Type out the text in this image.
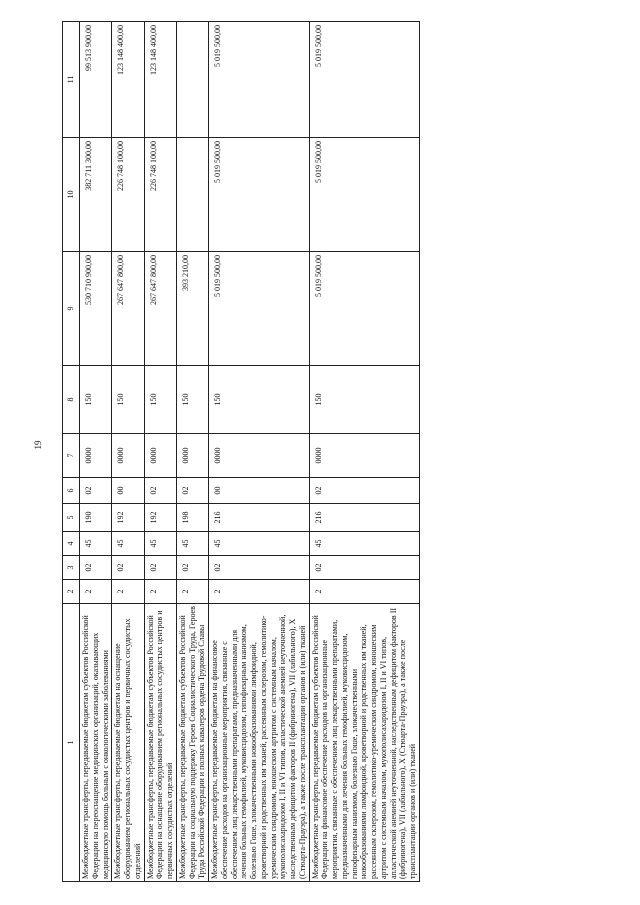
19
1	2	3	4	5	6	7	8	9	10	11
Межбюджетные трансферты, передаваемые бюджетам субъектов Российской Федерации на переоснащение медицинских организаций, оказывающих медицинскую помощь больным с онкологическими заболеваниями	2	02	45	190	02	0000	150	530 710 900,00	382 711 300,00	99 513 900,00
Межбюджетные трансферты, передаваемые бюджетам на оснащение оборудованием региональных сосудистых центров и первичных сосудистых отделений	2	02	45	192	00	0000	150	267 647 800,00	226 748 100,00	123 148 400,00
Межбюджетные трансферты, передаваемые бюджетам субъектов Российской Федерации на оснащение оборудованием региональных сосудистых центров и первичных сосудистых отделений	2	02	45	192	02	0000	150	267 647 800,00	226 748 100,00	123 148 400,00
Межбюджетные трансферты, передаваемые бюджетам субъектов Российской Федерации на социальную поддержку Героев Социалистического Труда, Героев Труда Российской Федерации и полных кавалеров ордена Трудовой Славы	2	02	45	198	02	0000	150	393 210,00		
Межбюджетные трансферты, передаваемые бюджетам на финансовое обеспечение расходов на организационные мероприятия, связанные с обеспечением лиц лекарственными препаратами, предназначенными для лечения больных гемофилией, муковисцидозом, гипофизарным нанизмом, болезнью Гоше, злокачественными новообразованиями лимфоидной, кроветворной и родственных им тканей, рассеянным склерозом, гемолитико-уремическим синдромом, юношеским артритом с системным началом, мукополисахаридозом I, II и VI типов, апластической анемией неуточненной, наследственным дефицитом факторов II (фибриногена), VII (лабильного), X (Стюарта-Прауэра), а также после трансплантации органов и (или) тканей	2	02	45	216	00	0000	150	5 019 500,00	5 019 500,00	5 019 500,00
Межбюджетные трансферты, передаваемые бюджетам субъектов Российской Федерации на финансовое обеспечение расходов на организационные мероприятия, связанные с обеспечением лиц лекарственными препаратами, предназначенными для лечения больных гемофилией, муковисцидозом, гипофизарным нанизмом, болезнью Гоше, злокачественными новообразованиями лимфоидной, кроветворной и родственных им тканей, рассеянным склерозом, гемолитико-уремическим синдромом, юношеским артритом с системным началом, мукополисахаридозом I, II и VI типов, апластической анемией неуточненной, наследственным дефицитом факторов II (фибриногена), VII (лабильного), X (Стюарта-Прауэра), а также после трансплантации органов и (или) тканей	2	02	45	216	02	0000	150	5 019 500,00	5 019 500,00	5 019 500,00
